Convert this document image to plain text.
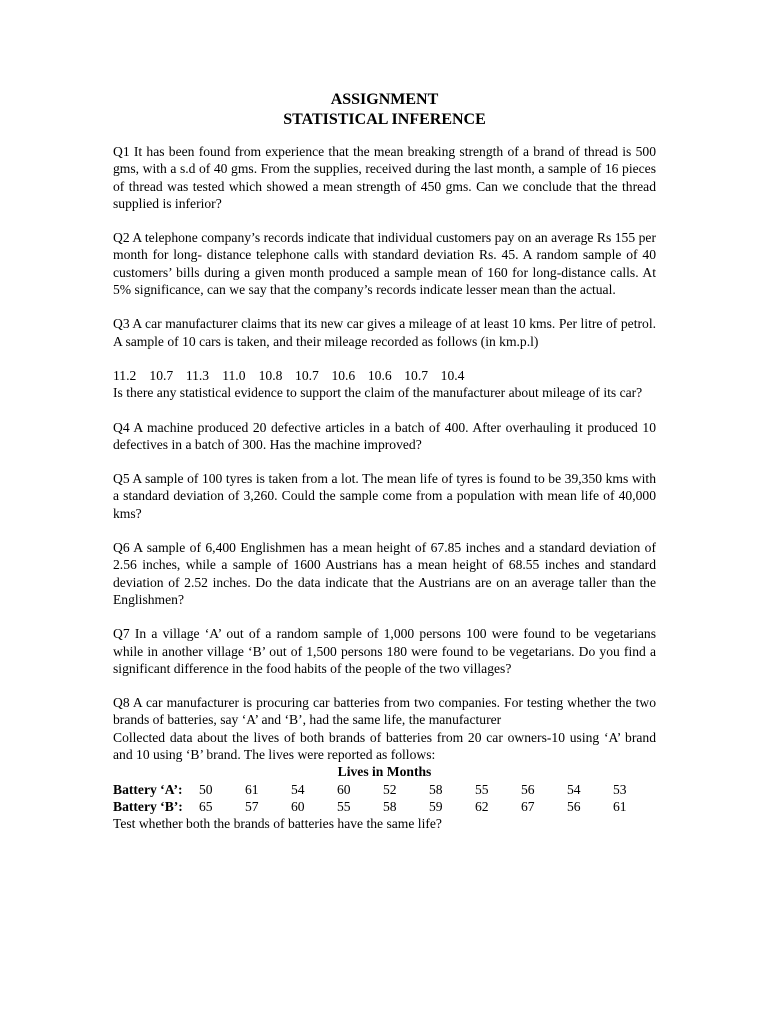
ASSIGNMENT

STATISTICAL INFERENCE

Q1 It has been found from experience that the mean breaking strength of a brand of thread is 500 gms, with a s.d of 40 gms. From the supplies, received during the last month, a sample of 16 pieces of thread was tested which showed a mean strength of 450 gms. Can we conclude that the thread supplied is inferior?

Q2 A telephone company’s records indicate that individual customers pay on an average Rs 155 per month for long- distance telephone calls with standard deviation Rs. 45. A random sample of 40 customers’ bills during a given month produced a sample mean of 160 for long-distance calls. At 5% significance, can we say that the company’s records indicate lesser mean than the actual.

Q3 A car manufacturer claims that its new car gives a mileage of at least 10 kms. Per litre of petrol. A sample of 10 cars is taken, and their mileage recorded as follows (in km.p.l)

11.2 10.7 11.3 11.0 10.8 10.7 10.6 10.6 10.7 10.4

Is there any statistical evidence to support the claim of the manufacturer about mileage of its car?

Q4 A machine produced 20 defective articles in a batch of 400. After overhauling it produced 10 defectives in a batch of 300. Has the machine improved?

Q5 A sample of 100 tyres is taken from a lot. The mean life of tyres is found to be 39,350 kms with a standard deviation of 3,260. Could the sample come from a population with mean life of 40,000 kms?

Q6 A sample of 6,400 Englishmen has a mean height of 67.85 inches and a standard deviation of 2.56 inches, while a sample of 1600 Austrians has a mean height of 68.55 inches and standard deviation of 2.52 inches. Do the data indicate that the Austrians are on an average taller than the Englishmen?

Q7 In a village ‘A’ out of a random sample of 1,000 persons 100 were found to be vegetarians while in another village ‘B’ out of 1,500 persons 180 were found to be vegetarians. Do you find a significant difference in the food habits of the people of the two villages?

Q8 A car manufacturer is procuring car batteries from two companies. For testing whether the two brands of batteries, say ‘A’ and ‘B’, had the same life, the manufacturer

Collected data about the lives of both brands of batteries from 20 car owners-10 using ‘A’ brand and 10 using ‘B’ brand. The lives were reported as follows:

Lives in Months

Battery ‘A’: 50 61 54 60 52 58 55 56 54 53

Battery ‘B’: 65 57 60 55 58 59 62 67 56 61

Test whether both the brands of batteries have the same life?
